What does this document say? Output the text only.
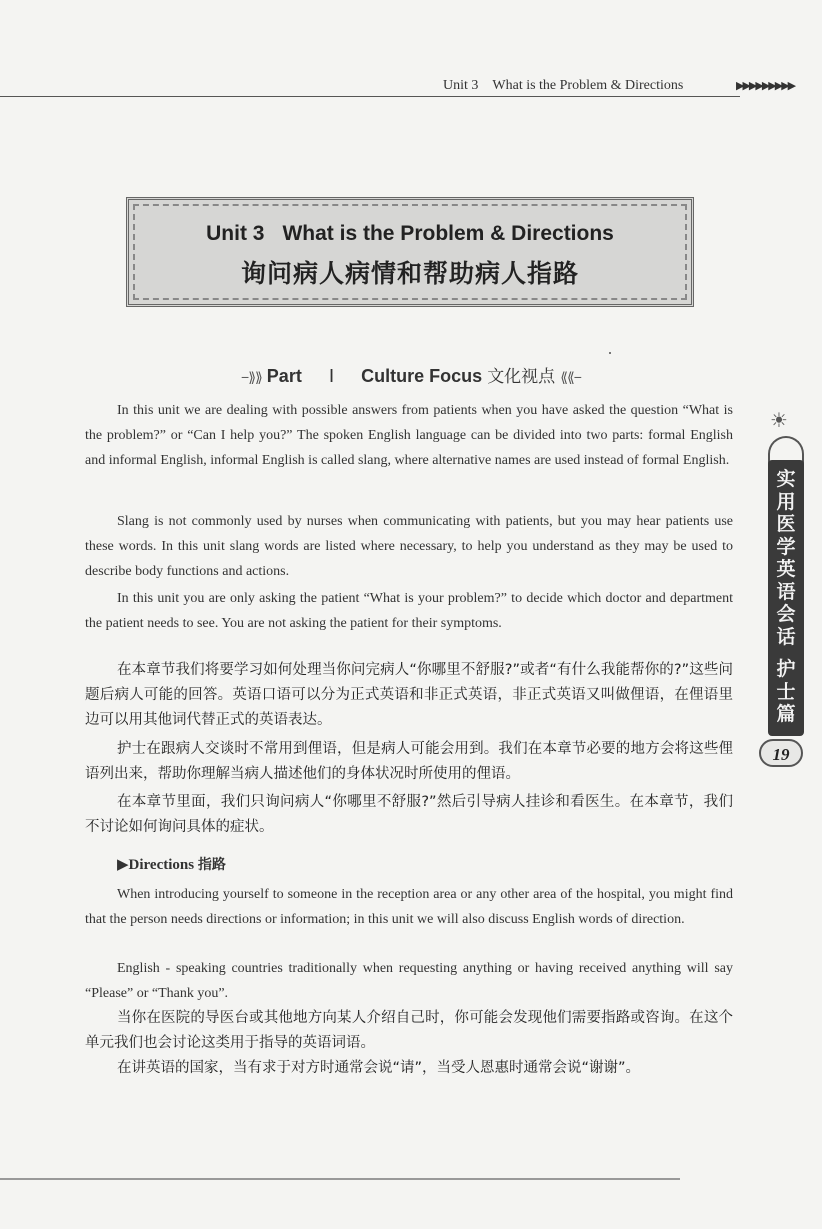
Unit 3 What is the Problem & Directions	▶▶▶▶▶▶▶▶▶
Unit 3 What is the Problem & Directions
询问病人病情和帮助病人指路
−⟫⟫ Part Ⅰ Culture Focus 文化视点 ⟪⟪−

In this unit we are dealing with possible answers from patients when you have asked the question “What is the problem?” or “Can I help you?” The spoken English language can be divided into two parts: formal English and informal English, informal English is called slang, where alternative names are used instead of formal English.

Slang is not commonly used by nurses when communicating with patients, but you may hear patients use these words. In this unit slang words are listed where necessary, to help you understand as they may be used to describe body functions and actions.

In this unit you are only asking the patient “What is your problem?” to decide which doctor and department the patient needs to see. You are not asking the patient for their symptoms.

在本章节我们将要学习如何处理当你问完病人“你哪里不舒服?”或者“有什么我能帮你的?”这些问题后病人可能的回答。英语口语可以分为正式英语和非正式英语，非正式英语又叫做俚语，在俚语里边可以用其他词代替正式的英语表达。

护士在跟病人交谈时不常用到俚语，但是病人可能会用到。我们在本章节必要的地方会将这些俚语列出来，帮助你理解当病人描述他们的身体状况时所使用的俚语。

在本章节里面，我们只询问病人“你哪里不舒服?”然后引导病人挂诊和看医生。在本章节，我们不讨论如何询问具体的症状。

▶Directions 指路

When introducing yourself to someone in the reception area or any other area of the hospital, you might find that the person needs directions or information; in this unit we will also discuss English words of direction.

English - speaking countries traditionally when requesting anything or having received anything will say “Please” or “Thank you”.

当你在医院的导医台或其他地方向某人介绍自己时，你可能会发现他们需要指路或咨询。在这个单元我们也会讨论这类用于指导的英语词语。

在讲英语的国家，当有求于对方时通常会说“请”，当受人恩惠时通常会说“谢谢”。

☀
实
用
医
学
英
语
会
话
护
士
篇
19
